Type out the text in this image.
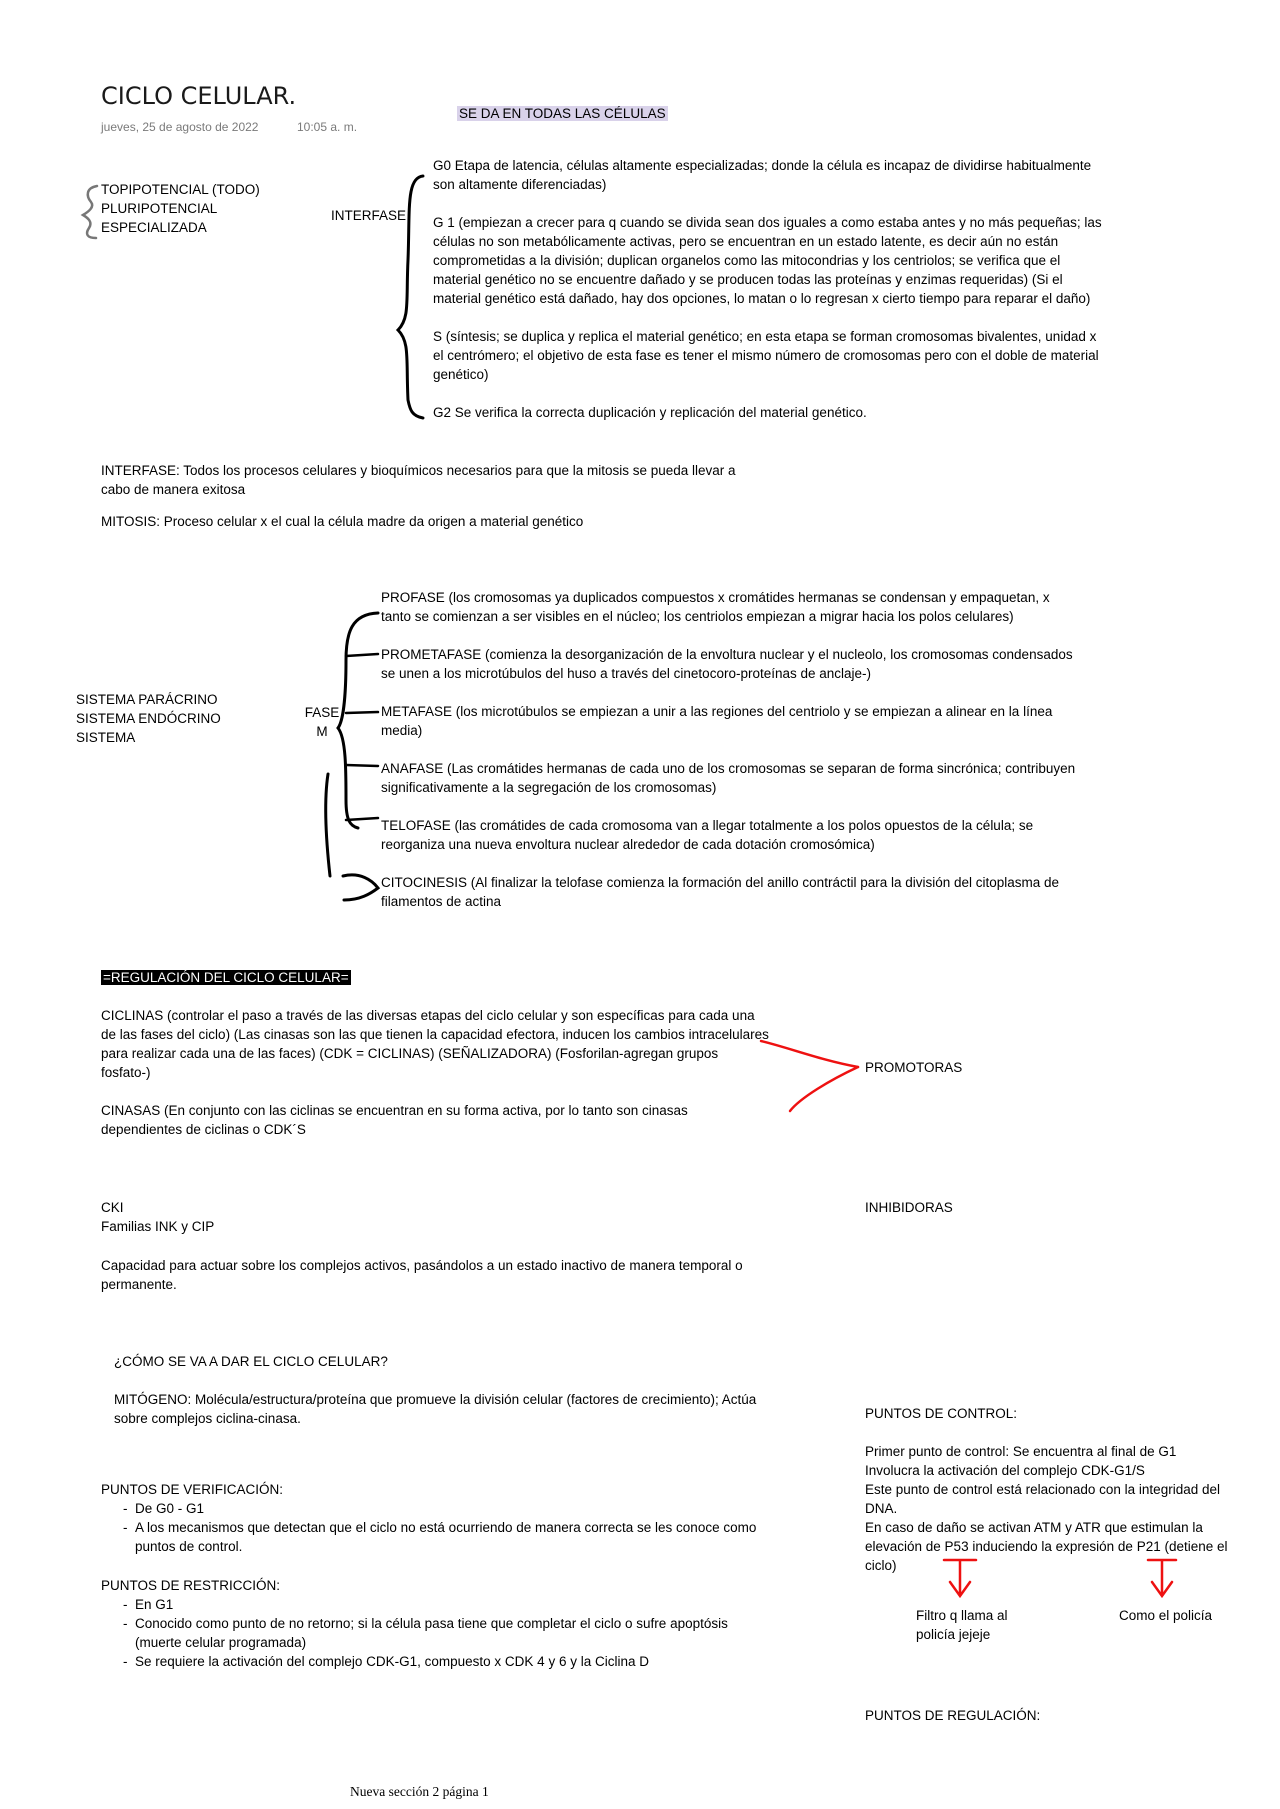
CICLO CELULAR.
jueves, 25 de agosto de 2022	10:05 a. m.
SE DA EN TODAS LAS CÉLULAS
TOPIPOTENCIAL (TODO)
PLURIPOTENCIAL
ESPECIALIZADA
INTERFASE
G0 Etapa de latencia, células altamente especializadas; donde la célula es incapaz de dividirse habitualmente son altamente diferenciadas)
G 1 (empiezan a crecer para q cuando se divida sean dos iguales a como estaba antes y no más pequeñas; las células no son metabólicamente activas, pero se encuentran en un estado latente, es decir aún no están comprometidas a la división; duplican organelos como las mitocondrias y los centriolos; se verifica que el material genético no se encuentre dañado y se producen todas las proteínas y enzimas requeridas) (Si el material genético está dañado, hay dos opciones, lo matan o lo regresan x cierto tiempo para reparar el daño)
S (síntesis; se duplica y replica el material genético; en esta etapa se forman cromosomas bivalentes, unidad x el centrómero; el objetivo de esta fase es tener el mismo número de cromosomas pero con el doble de material genético)
G2 Se verifica la correcta duplicación y replicación del material genético.
INTERFASE: Todos los procesos celulares y bioquímicos necesarios para que la mitosis se pueda llevar a cabo de manera exitosa
MITOSIS: Proceso celular x el cual la célula madre da origen a material genético
SISTEMA PARÁCRINO
SISTEMA ENDÓCRINO
SISTEMA
FASE
M
PROFASE (los cromosomas ya duplicados compuestos x cromátides hermanas se condensan y empaquetan, x tanto se comienzan a ser visibles en el núcleo; los centriolos empiezan a migrar hacia los polos celulares)
PROMETAFASE (comienza la desorganización de la envoltura nuclear y el nucleolo, los cromosomas condensados se unen a los microtúbulos del huso a través del cinetocoro-proteínas de anclaje-)
METAFASE (los microtúbulos se empiezan a unir a las regiones del centriolo y se empiezan a alinear en la línea media)
ANAFASE (Las cromátides hermanas de cada uno de los cromosomas se separan de forma sincrónica; contribuyen significativamente a la segregación de los cromosomas)
TELOFASE (las cromátides de cada cromosoma van a llegar totalmente a los polos opuestos de la célula; se reorganiza una nueva envoltura nuclear alrededor de cada dotación cromosómica)
CITOCINESIS (Al finalizar la telofase comienza la formación del anillo contráctil para la división del citoplasma de filamentos de actina
=REGULACIÓN DEL CICLO CELULAR=
CICLINAS (controlar el paso a través de las diversas etapas del ciclo celular y son específicas para cada una de las fases del ciclo) (Las cinasas son las que tienen la capacidad efectora, inducen los cambios intracelulares para realizar cada una de las faces) (CDK = CICLINAS) (SEÑALIZADORA) (Fosforilan-agregan grupos fosfato-)
CINASAS (En conjunto con las ciclinas se encuentran en su forma activa, por lo tanto son cinasas dependientes de ciclinas o CDK´S
PROMOTORAS
CKI
Familias INK y CIP
INHIBIDORAS
Capacidad para actuar sobre los complejos activos, pasándolos a un estado inactivo de manera temporal o permanente.
¿CÓMO SE VA A DAR EL CICLO CELULAR?
MITÓGENO: Molécula/estructura/proteína que promueve la división celular (factores de crecimiento); Actúa sobre complejos ciclina-cinasa.
PUNTOS DE VERIFICACIÓN:
- De G0 - G1
- A los mecanismos que detectan que el ciclo no está ocurriendo de manera correcta se les conoce como puntos de control.
PUNTOS DE RESTRICCIÓN:
- En G1
- Conocido como punto de no retorno; si la célula pasa tiene que completar el ciclo o sufre apoptósis (muerte celular programada)
- Se requiere la activación del complejo CDK-G1, compuesto x CDK 4 y 6 y la Ciclina D
PUNTOS DE CONTROL:
Primer punto de control: Se encuentra al final de G1
Involucra la activación del complejo CDK-G1/S
Este punto de control está relacionado con la integridad del DNA.
En caso de daño se activan ATM y ATR que estimulan la elevación de P53 induciendo la expresión de P21 (detiene el ciclo)
Filtro q llama al policía jejeje
Como el policía
PUNTOS DE REGULACIÓN:
Nueva sección 2 página 1
